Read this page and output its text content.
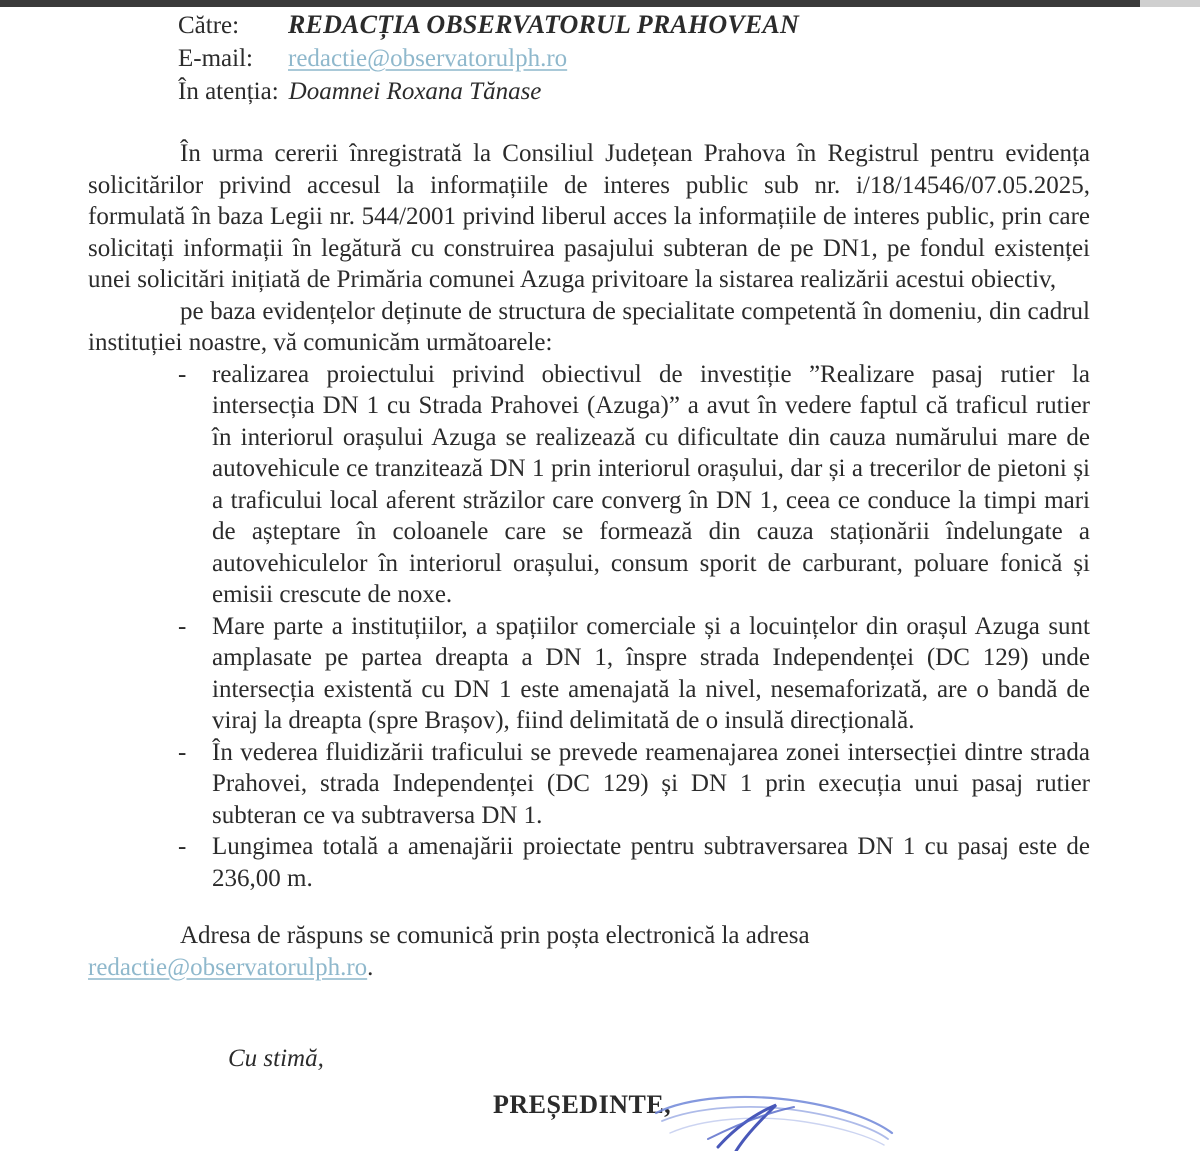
Către:	REDACȚIA OBSERVATORUL PRAHOVEAN
E-mail:	redactie@observatorulph.ro
În atenția: Doamnei Roxana Tănase

În urma cererii înregistrată la Consiliul Județean Prahova în Registrul pentru evidența solicitărilor privind accesul la informațiile de interes public sub nr. i/18/14546/07.05.2025, formulată în baza Legii nr. 544/2001 privind liberul acces la informațiile de interes public, prin care solicitați informații în legătură cu construirea pasajului subteran de pe DN1, pe fondul existenței unei solicitări inițiată de Primăria comunei Azuga privitoare la sistarea realizării acestui obiectiv,

pe baza evidențelor deținute de structura de specialitate competentă în domeniu, din cadrul instituției noastre, vă comunicăm următoarele:

- realizarea proiectului privind obiectivul de investiție ”Realizare pasaj rutier la intersecția DN 1 cu Strada Prahovei (Azuga)” a avut în vedere faptul că traficul rutier în interiorul orașului Azuga se realizează cu dificultate din cauza numărului mare de autovehicule ce tranzitează DN 1 prin interiorul orașului, dar și a trecerilor de pietoni și a traficului local aferent străzilor care converg în DN 1, ceea ce conduce la timpi mari de așteptare în coloanele care se formează din cauza staționării îndelungate a autovehiculelor în interiorul orașului, consum sporit de carburant, poluare fonică și emisii crescute de noxe.
- Mare parte a instituțiilor, a spațiilor comerciale și a locuințelor din orașul Azuga sunt amplasate pe partea dreapta a DN 1, înspre strada Independenței (DC 129) unde intersecția existentă cu DN 1 este amenajată la nivel, nesemaforizată, are o bandă de viraj la dreapta (spre Brașov), fiind delimitată de o insulă direcțională.
- În vederea fluidizării traficului se prevede reamenajarea zonei intersecției dintre strada Prahovei, strada Independenței (DC 129) și DN 1 prin execuția unui pasaj rutier subteran ce va subtraversa DN 1.
- Lungimea totală a amenajării proiectate pentru subtraversarea DN 1 cu pasaj este de 236,00 m.

Adresa de răspuns se comunică prin poșta electronică la adresa

redactie@observatorulph.ro.

Cu stimă,
PREȘEDINTE,
